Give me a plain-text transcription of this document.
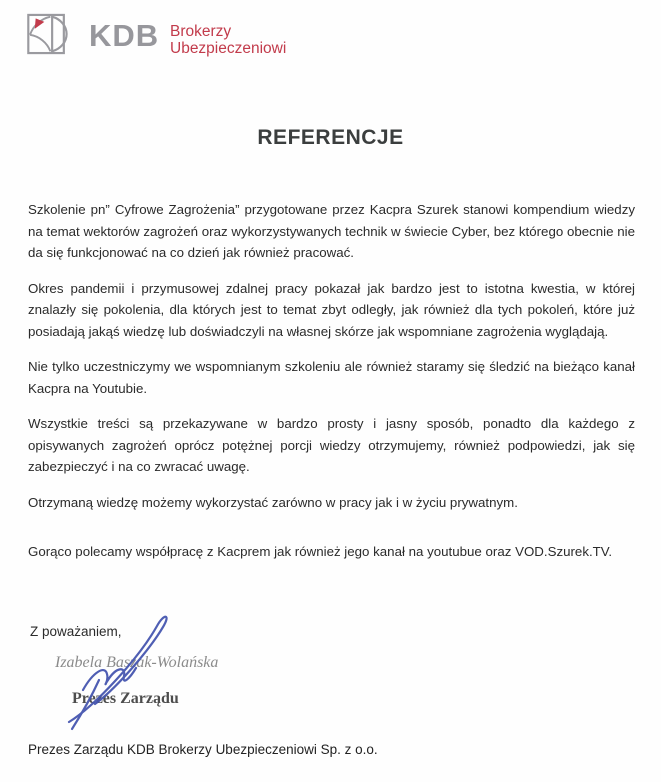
KDB Brokerzy
Ubezpieczeniowi
REFERENCJE

Szkolenie pn” Cyfrowe Zagrożenia” przygotowane przez Kacpra Szurek stanowi kompendium wiedzy na temat wektorów zagrożeń oraz wykorzystywanych technik w świecie Cyber, bez którego obecnie nie da się funkcjonować na co dzień jak również pracować.

Okres pandemii i przymusowej zdalnej pracy pokazał jak bardzo jest to istotna kwestia, w której znalazły się pokolenia, dla których jest to temat zbyt odległy, jak również dla tych pokoleń, które już posiadają jakąś wiedzę lub doświadczyli na własnej skórze jak wspomniane zagrożenia wyglądają.

Nie tylko uczestniczymy we wspomnianym szkoleniu ale również staramy się śledzić na bieżąco kanał Kacpra na Youtubie.

Wszystkie treści są przekazywane w bardzo prosty i jasny sposób, ponadto dla każdego z opisywanych zagrożeń oprócz potężnej porcji wiedzy otrzymujemy, również podpowiedzi, jak się zabezpieczyć i na co zwracać uwagę.

Otrzymaną wiedzę możemy wykorzystać zarówno w pracy jak i w życiu prywatnym.

Gorąco polecamy współpracę z Kacprem jak również jego kanał na youtubue oraz VOD.Szurek.TV.

Z poważaniem,
Izabela Baszak-Wolańska
Prezes Zarządu
Prezes Zarządu KDB Brokerzy Ubezpieczeniowi Sp. z o.o.
